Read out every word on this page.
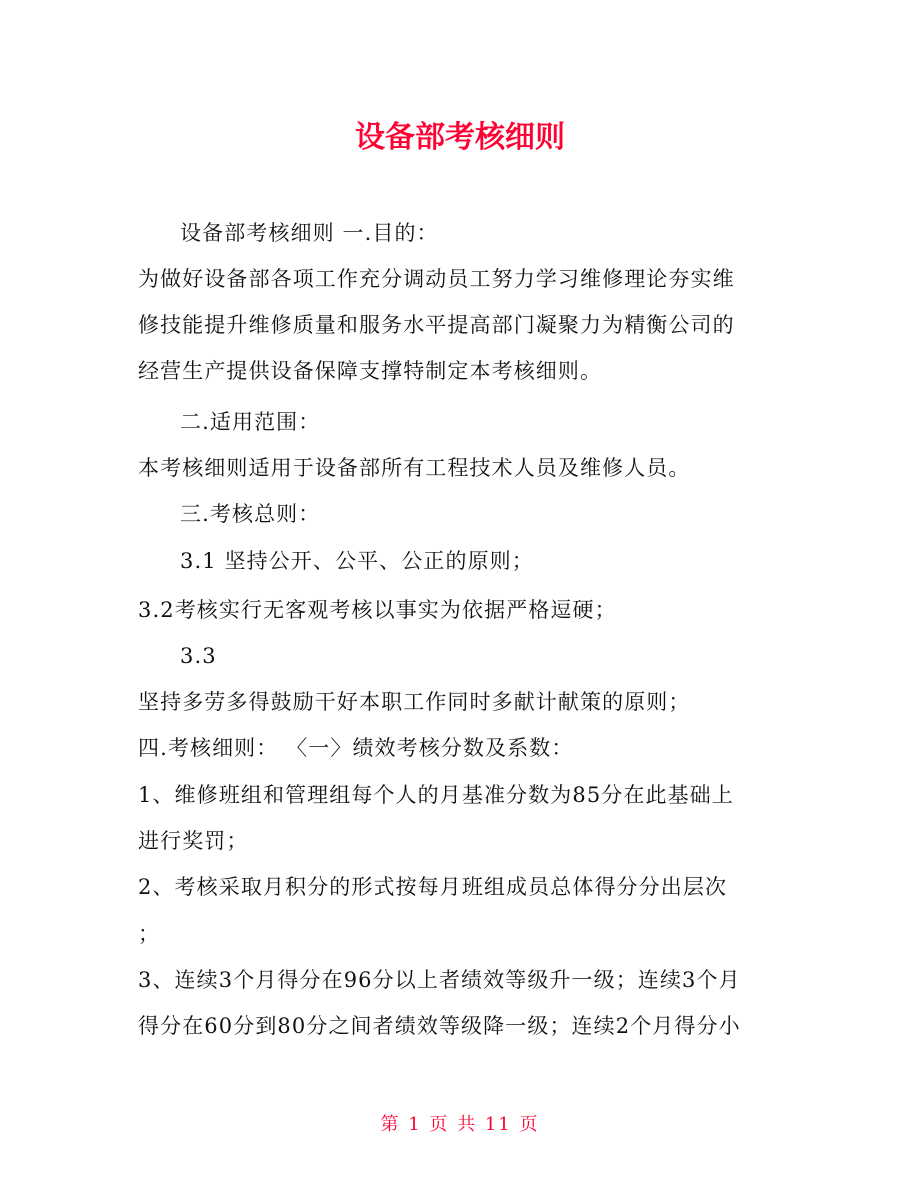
设备部考核细则
设备部考核细则 一.目的：
为做好设备部各项工作充分调动员工努力学习维修理论夯实维
修技能提升维修质量和服务水平提高部门凝聚力为精衡公司的
经营生产提供设备保障支撑特制定本考核细则。
二.适用范围：
本考核细则适用于设备部所有工程技术人员及维修人员。
三.考核总则：
3.1 坚持公开、公平、公正的原则；
3.2考核实行无客观考核以事实为依据严格逗硬；
3.3
坚持多劳多得鼓励干好本职工作同时多献计献策的原则；
四.考核细则： 〈一〉绩效考核分数及系数：
1、维修班组和管理组每个人的月基准分数为85分在此基础上
进行奖罚；
2、考核采取月积分的形式按每月班组成员总体得分分出层次
；
3、连续3个月得分在96分以上者绩效等级升一级；连续3个月
得分在60分到80分之间者绩效等级降一级；连续2个月得分小
第 1 页 共 11 页
